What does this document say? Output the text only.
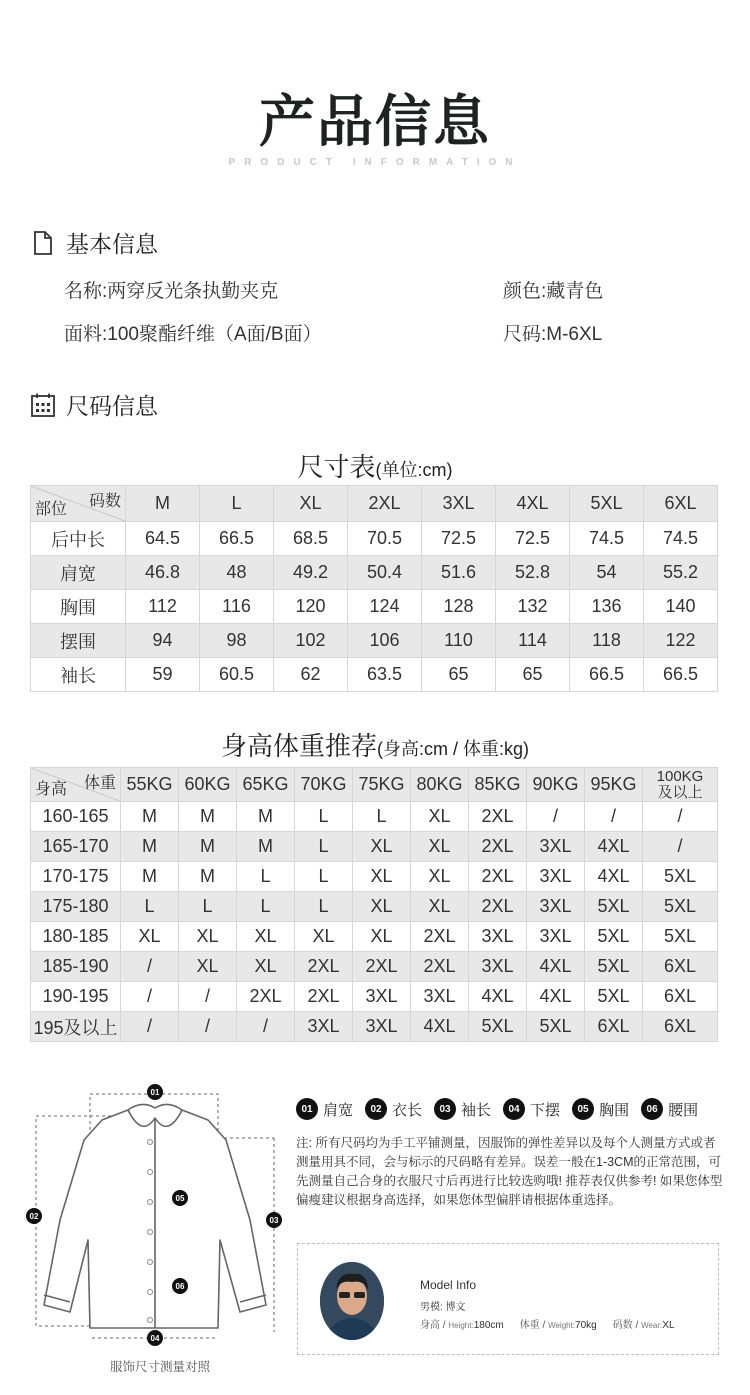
产品信息
PRODUCT INFORMATION
基本信息
名称:两穿反光条执勤夹克	颜色:藏青色
面料:100聚酯纤维（A面/B面）	尺码:M-6XL
尺码信息
尺寸表(单位:cm)
码数
部位	M	L	XL	2XL	3XL	4XL	5XL	6XL
后中长	64.5	66.5	68.5	70.5	72.5	72.5	74.5	74.5
肩宽	46.8	48	49.2	50.4	51.6	52.8	54	55.2
胸围	112	116	120	124	128	132	136	140
摆围	94	98	102	106	110	114	118	122
袖长	59	60.5	62	63.5	65	65	66.5	66.5
身高体重推荐(身高:cm / 体重:kg)
体重
身高	55KG	60KG	65KG	70KG	75KG	80KG	85KG	90KG	95KG	100KG
及以上

160-165	M	M	M	L	L	XL	2XL	/	/	/
165-170	M	M	M	L	XL	XL	2XL	3XL	4XL	/
170-175	M	M	L	L	XL	XL	2XL	3XL	4XL	5XL
175-180	L	L	L	L	XL	XL	2XL	3XL	5XL	5XL
180-185	XL	XL	XL	XL	XL	2XL	3XL	3XL	5XL	5XL
185-190	/	XL	XL	2XL	2XL	2XL	3XL	4XL	5XL	6XL
190-195	/	/	2XL	2XL	3XL	3XL	4XL	4XL	5XL	6XL
195及以上	/	/	/	3XL	3XL	4XL	5XL	5XL	6XL	6XL
01
02	03
04
05
06
服饰尺寸测量对照
01 肩宽	02 衣长	03 袖长	04 下摆	05 胸围	06 腰围
注: 所有尺码均为手工平铺测量，因服饰的弹性差异以及每个人测量方式或者测量用具不同，会与标示的尺码略有差异。误差一般在1-3CM的正常范围，可先测量自己合身的衣服尺寸后再进行比较选购哦! 推荐表仅供参考! 如果您体型偏瘦建议根据身高选择，如果您体型偏胖请根据体重选择。
Model Info
男模: 博文
身高 / Height:180cm 体重 / Weight:70kg 码数 / Wear:XL
